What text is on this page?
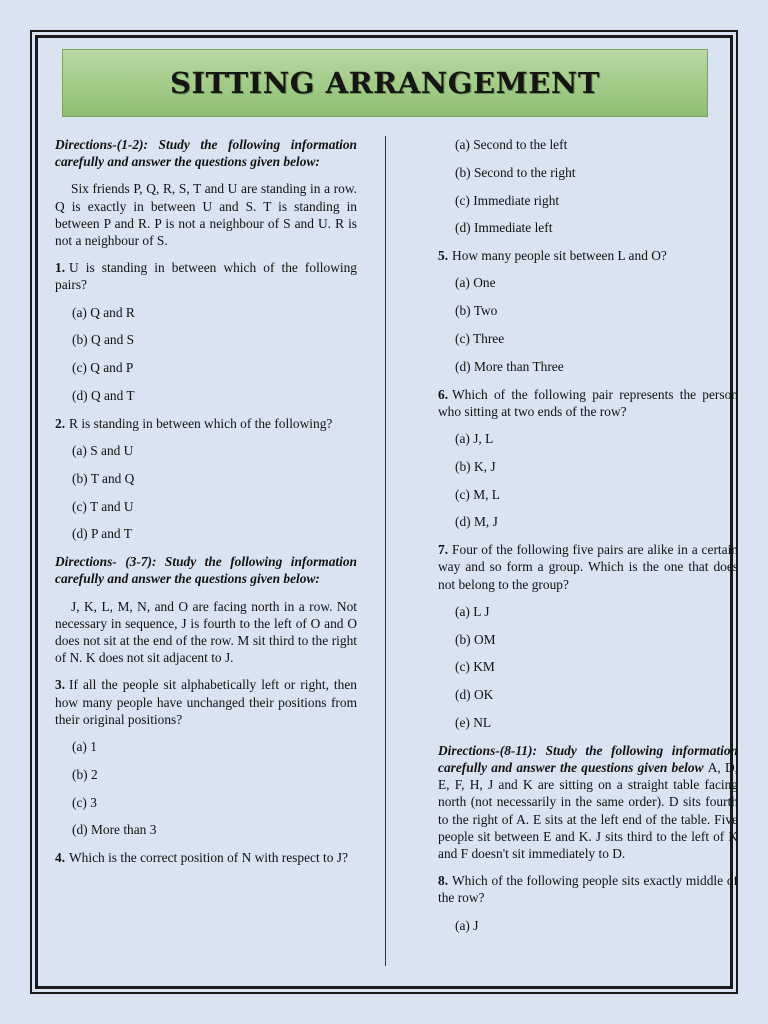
SITTING ARRANGEMENT

Directions-(1-2): Study the following information carefully and answer the questions given below:

Six friends P, Q, R, S, T and U are standing in a row. Q is exactly in between U and S. T is standing in between P and R. P is not a neighbour of S and U. R is not a neighbour of S.

1. U is standing in between which of the following pairs?

(a) Q and R
(b) Q and S
(c) Q and P
(d) Q and T

2. R is standing in between which of the following?

(a) S and U
(b) T and Q
(c) T and U
(d) P and T

Directions- (3-7): Study the following information carefully and answer the questions given below:

J, K, L, M, N, and O are facing north in a row. Not necessary in sequence, J is fourth to the left of O and O does not sit at the end of the row. M sit third to the right of N. K does not sit adjacent to J.

3. If all the people sit alphabetically left or right, then how many people have unchanged their positions from their original positions?

(a) 1
(b) 2
(c) 3
(d) More than 3

4. Which is the correct position of N with respect to J?

(a) Second to the left
(b) Second to the right
(c) Immediate right
(d) Immediate left

5. How many people sit between L and O?

(a) One
(b) Two
(c) Three
(d) More than Three

6. Which of the following pair represents the person who sitting at two ends of the row?

(a) J, L
(b) K, J
(c) M, L
(d) M, J

7. Four of the following five pairs are alike in a certain way and so form a group. Which is the one that does not belong to the group?

(a) L J
(b) OM
(c) KM
(d) OK
(e) NL

Directions-(8-11): Study the following information carefully and answer the questions given below A, D, E, F, H, J and K are sitting on a straight table facing north (not necessarily in the same order). D sits fourth to the right of A. E sits at the left end of the table. Five people sit between E and K. J sits third to the left of K and F doesn't sit immediately to D.

8. Which of the following people sits exactly middle of the row?

(a) J
